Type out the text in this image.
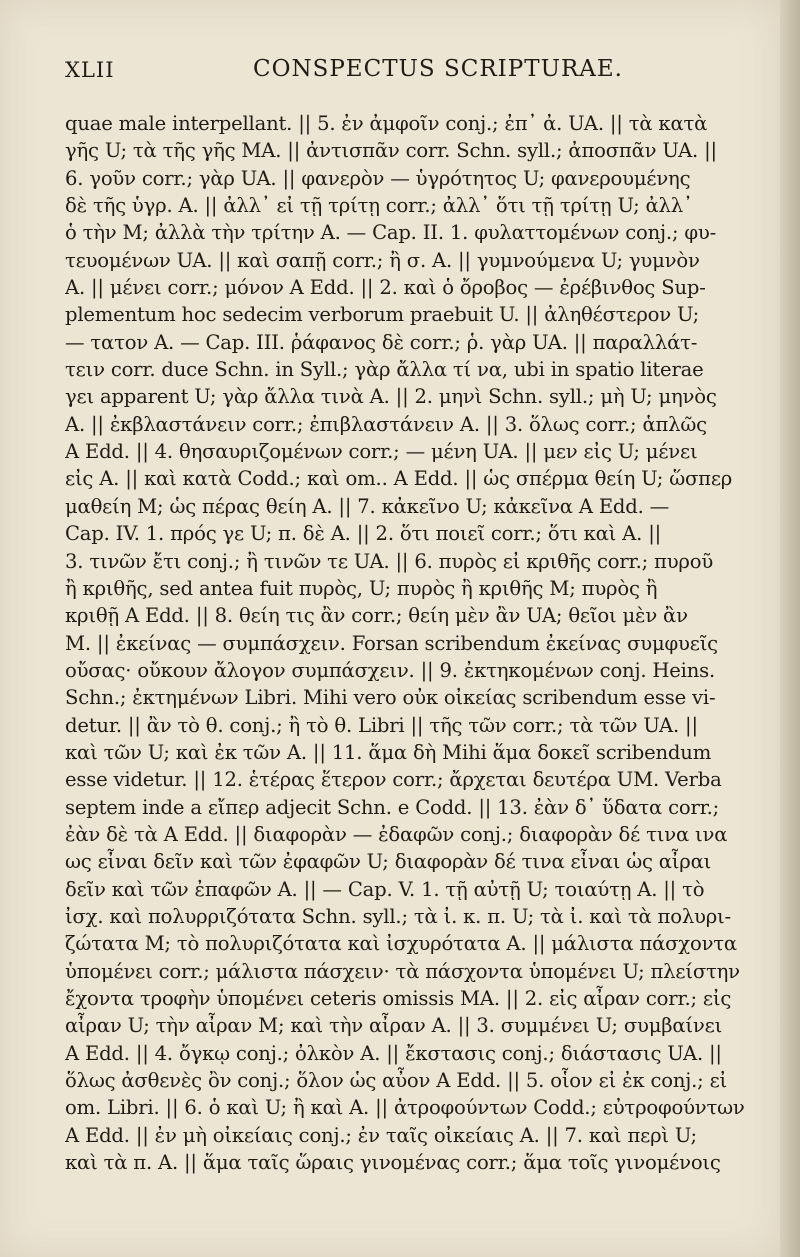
XLII	CONSPECTUS SCRIPTURAE.
quae male interpellant. || 5. ἐν ἀμφοῖν conj.; ἐπ᾽ ἀ. UA. || τὰ κατὰ
γῆς U; τὰ τῆς γῆς MA. || ἀντισπᾶν corr. Schn. syll.; ἀποσπᾶν UA. ||
6. γοῦν corr.; γὰρ UA. || φανερὸν — ὑγρότητος U; φανερουμένης
δὲ τῆς ὑγρ. A. || ἀλλ᾽ εἰ τῇ τρίτῃ corr.; ἀλλ᾽ ὅτι τῇ τρίτῃ U; ἀλλ᾽
ὁ τὴν M; ἀλλὰ τὴν τρίτην A. — Cap. II. 1. φυλαττομένων conj.; φυ-
τευομένων UA. || καὶ σαπῇ corr.; ἢ σ. A. || γυμνούμενα U; γυμνὸν
A. || μένει corr.; μόνον A Edd. || 2. καὶ ὁ ὄροβος — ἐρέβινθος Sup-
plementum hoc sedecim verborum praebuit U. || ἀληθέστερον U;
— τατον A. — Cap. III. ῥάφανος δὲ corr.; ῥ. γὰρ UA. || παραλλάτ-
τειν corr. duce Schn. in Syll.; γὰρ ἄλλα τί να, ubi in spatio literae
γει apparent U; γὰρ ἄλλα τινὰ A. || 2. μηνὶ Schn. syll.; μὴ U; μηνὸς
A. || ἐκβλαστάνειν corr.; ἐπιβλαστάνειν A. || 3. ὅλως corr.; ἁπλῶς
A Edd. || 4. θησαυριζομένων corr.; — μένη UA. || μεν εἰς U; μένει
εἰς A. || καὶ κατὰ Codd.; καὶ om.. A Edd. || ὡς σπέρμα θείη U; ὥσπερ
μαθείη M; ὡς πέρας θείη A. || 7. κἀκεῖνο U; κἀκεῖνα A Edd. —
Cap. IV. 1. πρός γε U; π. δὲ A. || 2. ὅτι ποιεῖ corr.; ὅτι καὶ A. ||
3. τινῶν ἔτι conj.; ἢ τινῶν τε UA. || 6. πυρὸς εἰ κριθῆς corr.; πυροῦ
ἢ κριθῆς, sed antea fuit πυρὸς, U; πυρὸς ἢ κριθῆς M; πυρὸς ἢ
κριθῇ A Edd. || 8. θείη τις ἂν corr.; θείη μὲν ἂν UA; θεῖοι μὲν ἂν
M. || ἐκείνας — συμπάσχειν. Forsan scribendum ἐκείνας συμφυεῖς
οὔσας· οὔκουν ἄλογον συμπάσχειν. || 9. ἐκτηκομένων conj. Heins.
Schn.; ἐκτημένων Libri. Mihi vero οὐκ οἰκείας scribendum esse vi-
detur. || ἂν τὸ θ. conj.; ἢ τὸ θ. Libri || τῆς τῶν corr.; τὰ τῶν UA. ||
καὶ τῶν U; καὶ ἐκ τῶν A. || 11. ἅμα δὴ Mihi ἅμα δοκεῖ scribendum
esse videtur. || 12. ἑτέρας ἕτερον corr.; ἄρχεται δευτέρα UM. Verba
septem inde a εἴπερ adjecit Schn. e Codd. || 13. ἐὰν δ᾽ ὕδατα corr.;
ἐὰν δὲ τὰ A Edd. || διαφορὰν — ἐδαφῶν conj.; διαφορὰν δέ τινα ινα
ως εἶναι δεῖν καὶ τῶν ἐφαφῶν U; διαφορὰν δέ τινα εἶναι ὡς αἶραι
δεῖν καὶ τῶν ἐπαφῶν A. || — Cap. V. 1. τῇ αὐτῇ U; τοιαύτῃ A. || τὸ
ἰσχ. καὶ πολυρριζότατα Schn. syll.; τὰ ἰ. κ. π. U; τὰ ἰ. καὶ τὰ πολυρι-
ζώτατα M; τὸ πολυριζότατα καὶ ἰσχυρότατα A. || μάλιστα πάσχοντα
ὑπομένει corr.; μάλιστα πάσχειν· τὰ πάσχοντα ὑπομένει U; πλείστην
ἔχοντα τροφὴν ὑπομένει ceteris omissis MA. || 2. εἰς αἶραν corr.; εἰς
αἶραν U; τὴν αἶραν M; καὶ τὴν αἶραν A. || 3. συμμένει U; συμβαίνει
A Edd. || 4. ὄγκῳ conj.; ὀλκὸν A. || ἔκστασις conj.; διάστασις UA. ||
ὅλως ἀσθενὲς ὂν conj.; ὅλον ὡς αὖον A Edd. || 5. οἷον εἰ ἐκ conj.; εἰ
om. Libri. || 6. ὁ καὶ U; ἢ καὶ A. || ἀτροφούντων Codd.; εὐτροφούντων
A Edd. || ἐν μὴ οἰκείαις conj.; ἐν ταῖς οἰκείαις A. || 7. καὶ περὶ U;
καὶ τὰ π. A. || ἅμα ταῖς ὥραις γινομένας corr.; ἅμα τοῖς γινομένοις
